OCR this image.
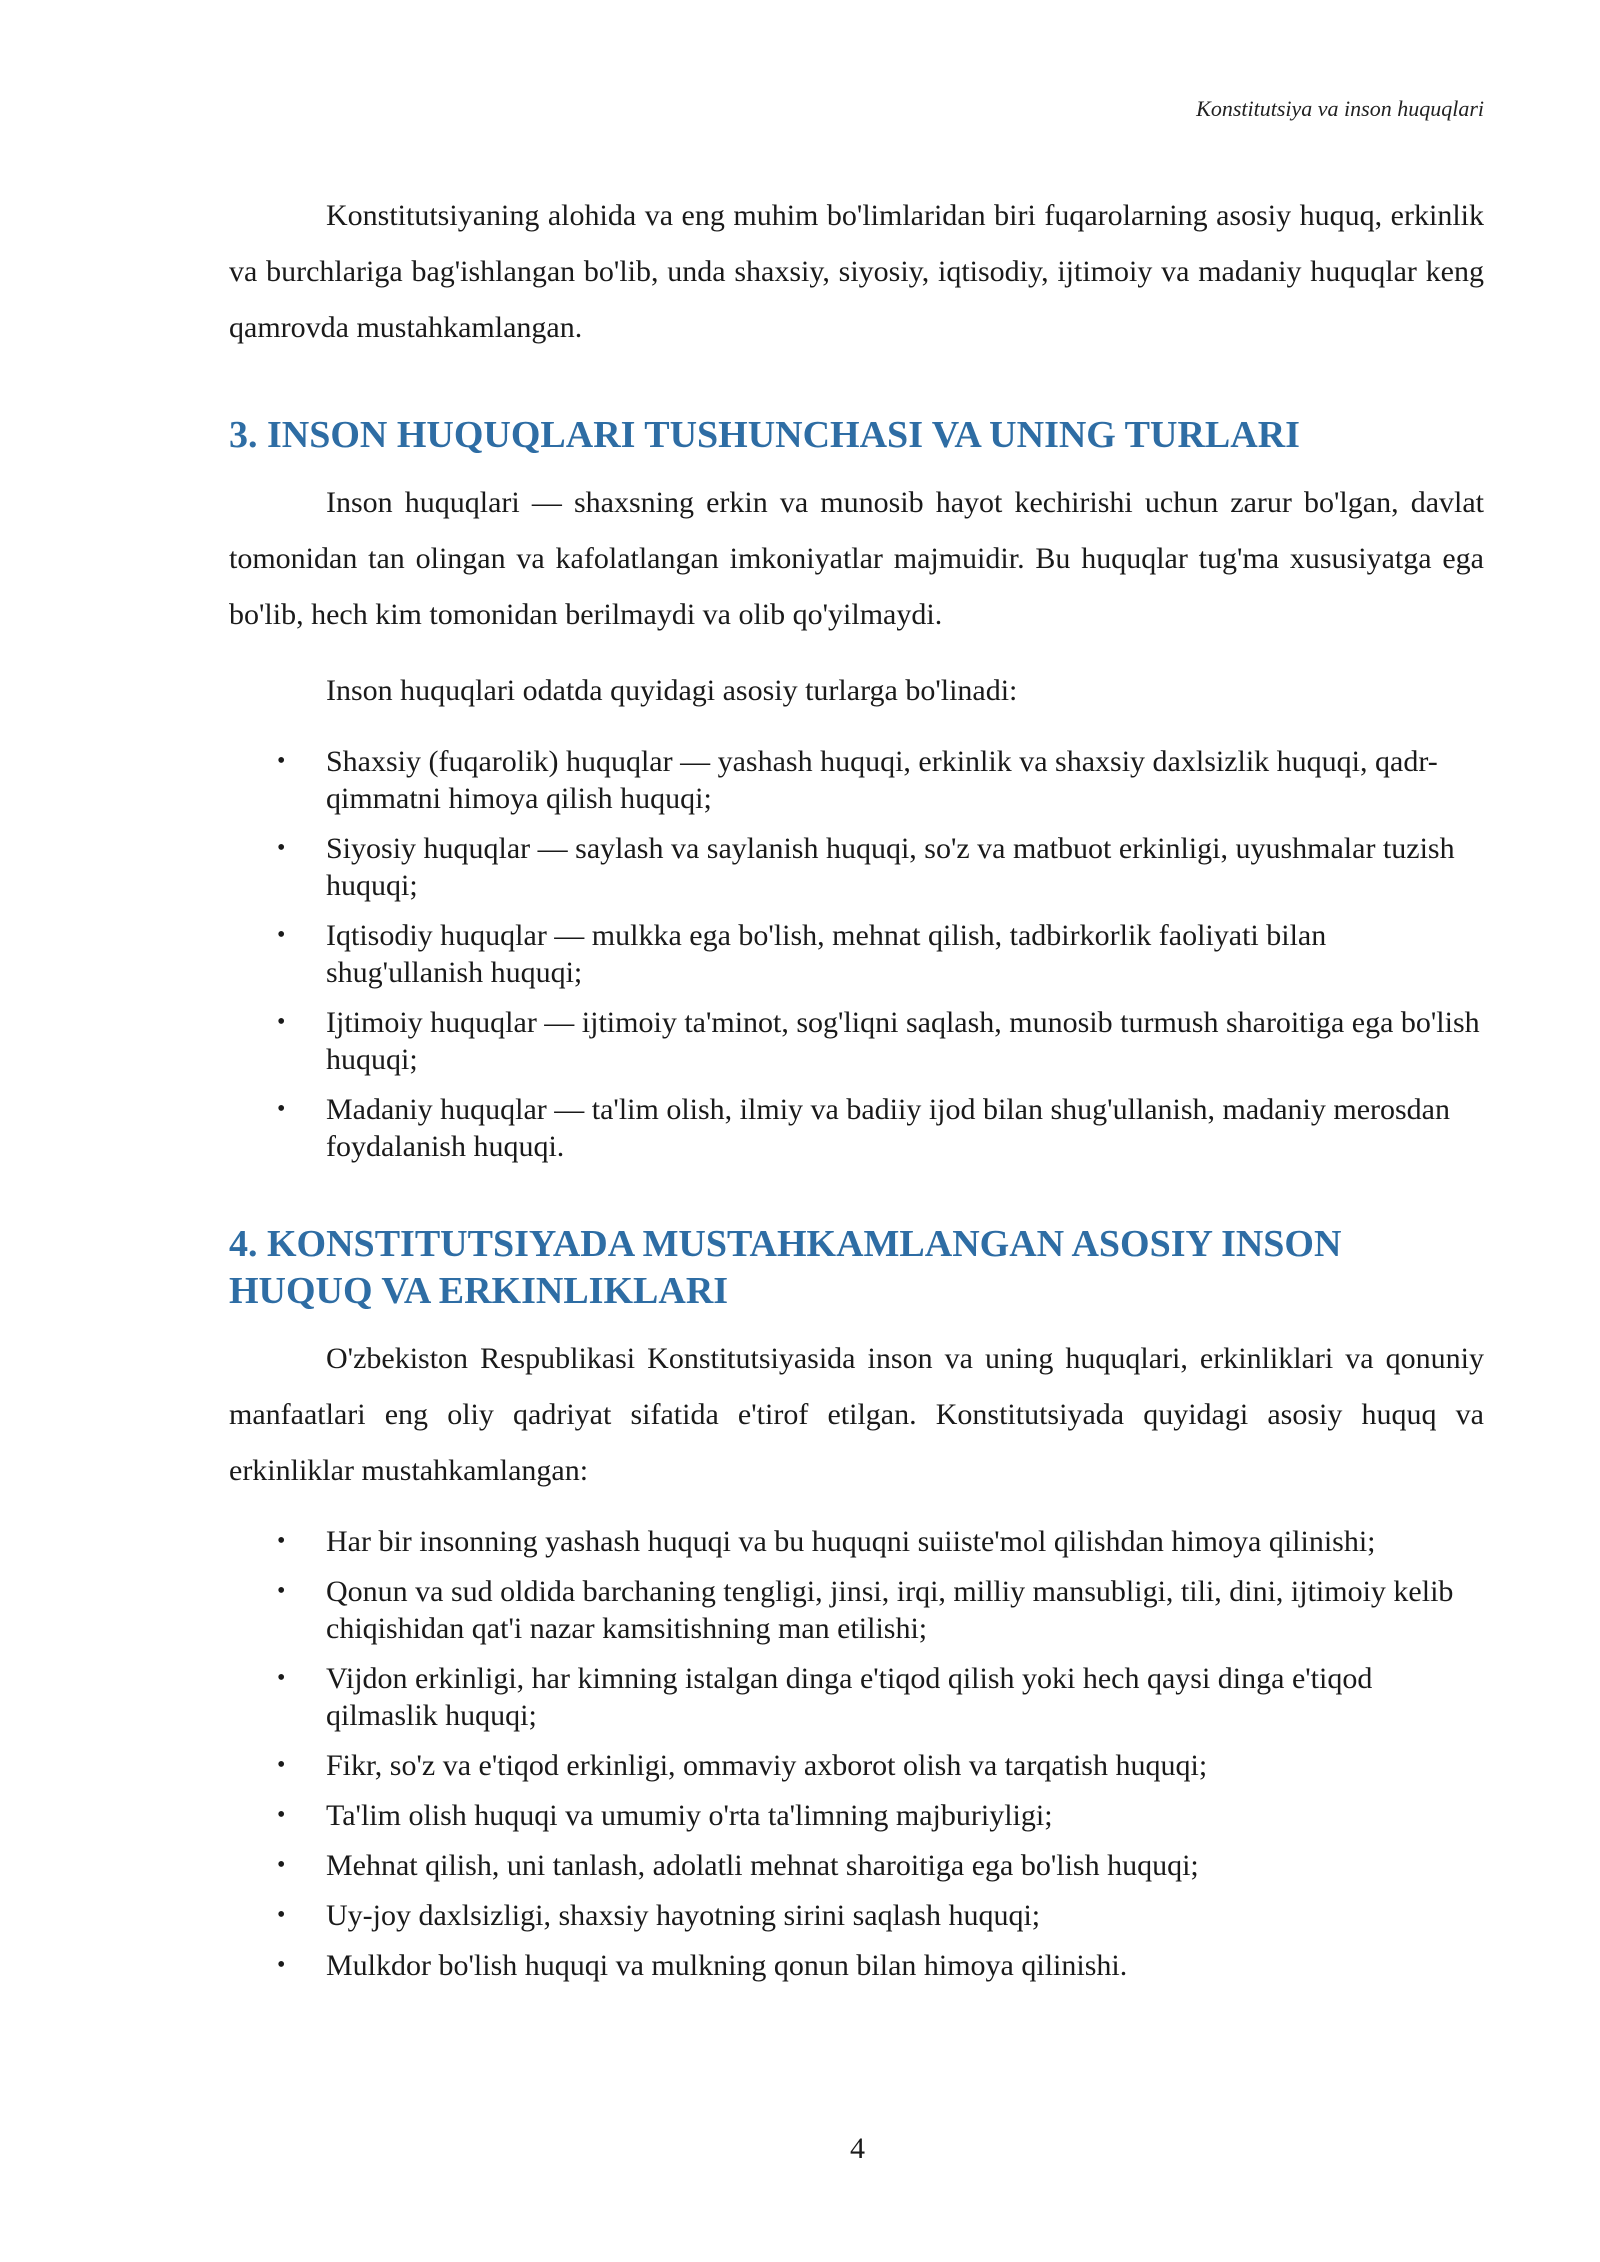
Konstitutsiya va inson huquqlari

Konstitutsiyaning alohida va eng muhim bo'limlaridan biri fuqarolarning asosiy huquq, erkinlik va burchlariga bag'ishlangan bo'lib, unda shaxsiy, siyosiy, iqtisodiy, ijtimoiy va madaniy huquqlar keng qamrovda mustahkamlangan.

3. INSON HUQUQLARI TUSHUNCHASI VA UNING TURLARI

Inson huquqlari — shaxsning erkin va munosib hayot kechirishi uchun zarur bo'lgan, davlat tomonidan tan olingan va kafolatlangan imkoniyatlar majmuidir. Bu huquqlar tug'ma xususiyatga ega bo'lib, hech kim tomonidan berilmaydi va olib qo'yilmaydi.

Inson huquqlari odatda quyidagi asosiy turlarga bo'linadi:

• Shaxsiy (fuqarolik) huquqlar — yashash huquqi, erkinlik va shaxsiy daxlsizlik huquqi, qadr-qimmatni himoya qilish huquqi;
• Siyosiy huquqlar — saylash va saylanish huquqi, so'z va matbuot erkinligi, uyushmalar tuzish huquqi;
• Iqtisodiy huquqlar — mulkka ega bo'lish, mehnat qilish, tadbirkorlik faoliyati bilan shug'ullanish huquqi;
• Ijtimoiy huquqlar — ijtimoiy ta'minot, sog'liqni saqlash, munosib turmush sharoitiga ega bo'lish huquqi;
• Madaniy huquqlar — ta'lim olish, ilmiy va badiiy ijod bilan shug'ullanish, madaniy merosdan foydalanish huquqi.
4. KONSTITUTSIYADA MUSTAHKAMLANGAN ASOSIY INSON HUQUQ VA ERKINLIKLARI

O'zbekiston Respublikasi Konstitutsiyasida inson va uning huquqlari, erkinliklari va qonuniy manfaatlari eng oliy qadriyat sifatida e'tirof etilgan. Konstitutsiyada quyidagi asosiy huquq va erkinliklar mustahkamlangan:

• Har bir insonning yashash huquqi va bu huquqni suiiste'mol qilishdan himoya qilinishi;
• Qonun va sud oldida barchaning tengligi, jinsi, irqi, milliy mansubligi, tili, dini, ijtimoiy kelib chiqishidan qat'i nazar kamsitishning man etilishi;
• Vijdon erkinligi, har kimning istalgan dinga e'tiqod qilish yoki hech qaysi dinga e'tiqod qilmaslik huquqi;
• Fikr, so'z va e'tiqod erkinligi, ommaviy axborot olish va tarqatish huquqi;
• Ta'lim olish huquqi va umumiy o'rta ta'limning majburiyligi;
• Mehnat qilish, uni tanlash, adolatli mehnat sharoitiga ega bo'lish huquqi;
• Uy-joy daxlsizligi, shaxsiy hayotning sirini saqlash huquqi;
• Mulkdor bo'lish huquqi va mulkning qonun bilan himoya qilinishi.
4
